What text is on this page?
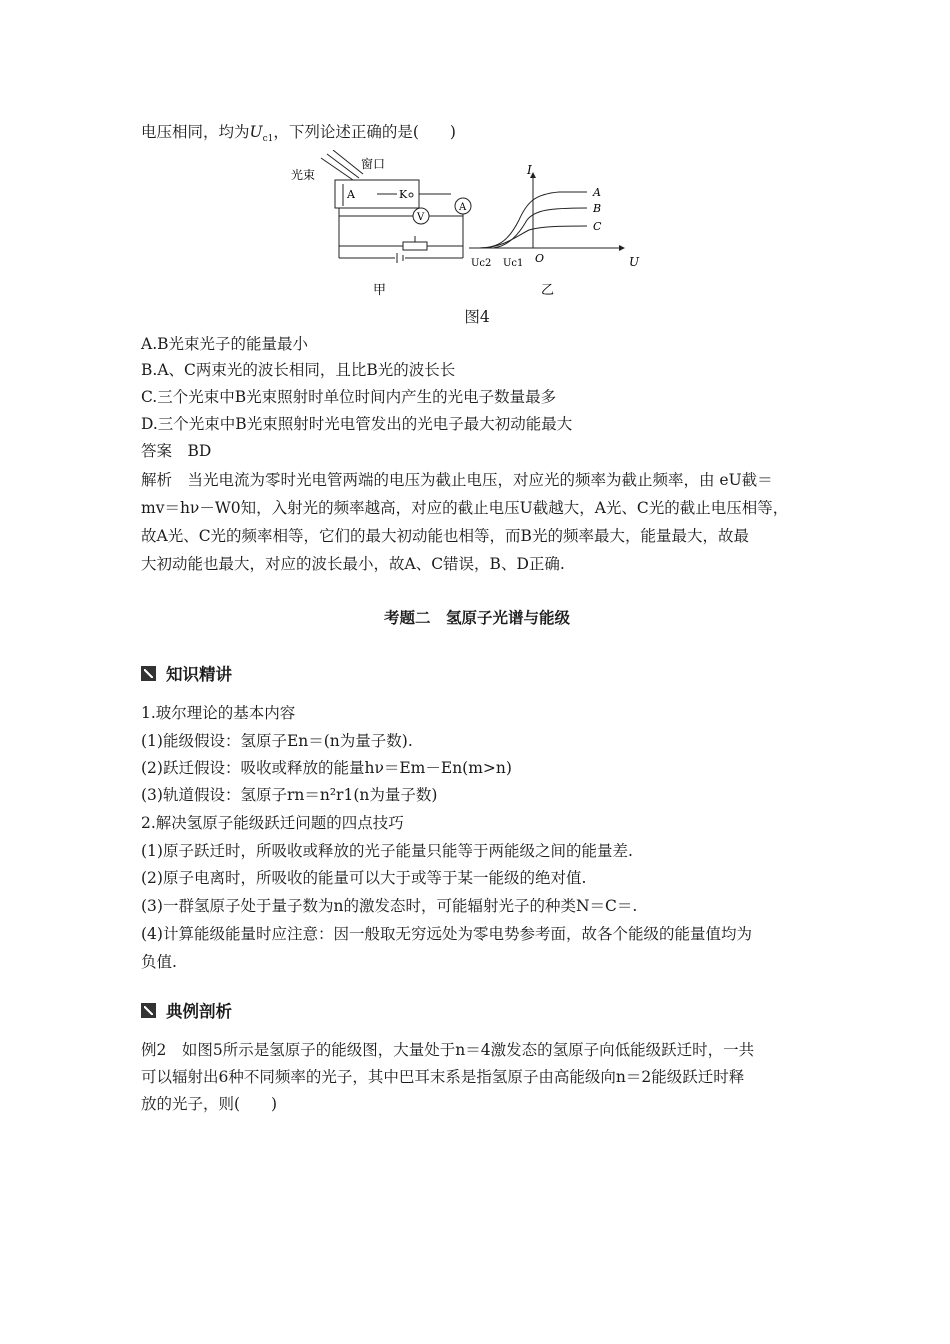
电压相同，均为$U_{c1}$，下列论述正确的是(　　)
光束
窗口
A	K
V
A
甲
I
U
O
Uc2 Uc1
A
B
C
乙
图4
A.B光束光子的能量最小
B.A、C两束光的波长相同，且比B光的波长长
C.三个光束中B光束照射时单位时间内产生的光电子数量最多
D.三个光束中B光束照射时光电管发出的光电子最大初动能最大
答案　BD
解析　当光电流为零时光电管两端的电压为截止电压，对应光的频率为截止频率，由 eU截＝
mv＝hν－W0知，入射光的频率越高，对应的截止电压U截越大，A光、C光的截止电压相等，
故A光、C光的频率相等，它们的最大初动能也相等，而B光的频率最大，能量最大，故最
大初动能也最大，对应的波长最小，故A、C错误，B、D正确.
考题二　氢原子光谱与能级
知识精讲
1.玻尔理论的基本内容
(1)能级假设：氢原子En＝(n为量子数).
(2)跃迁假设：吸收或释放的能量hν＝Em－En(m>n)
(3)轨道假设：氢原子rn＝n²r1(n为量子数)
2.解决氢原子能级跃迁问题的四点技巧
(1)原子跃迁时，所吸收或释放的光子能量只能等于两能级之间的能量差.
(2)原子电离时，所吸收的能量可以大于或等于某一能级的绝对值.
(3)一群氢原子处于量子数为n的激发态时，可能辐射光子的种类N＝C＝.
(4)计算能级能量时应注意：因一般取无穷远处为零电势参考面，故各个能级的能量值均为
负值.
典例剖析
例2　如图5所示是氢原子的能级图，大量处于n＝4激发态的氢原子向低能级跃迁时，一共
可以辐射出6种不同频率的光子，其中巴耳末系是指氢原子由高能级向n＝2能级跃迁时释
放的光子，则(　　)
